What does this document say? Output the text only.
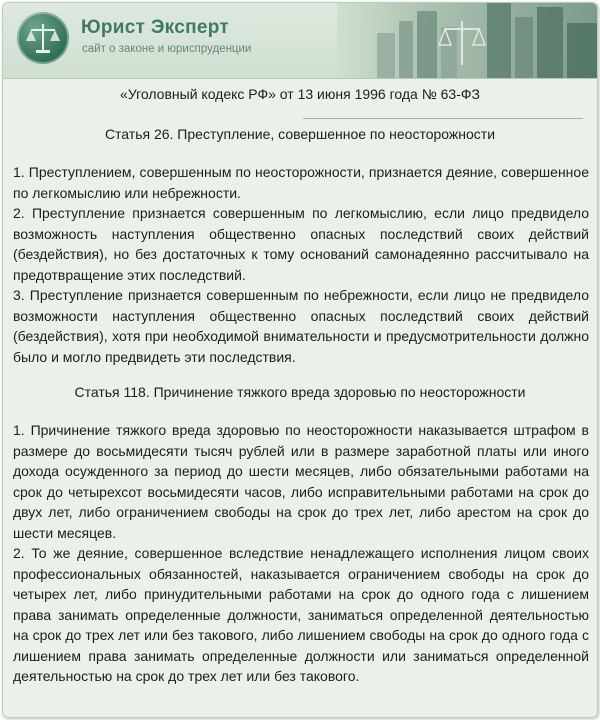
Юрист Эксперт
сайт о законе и юриспруденции
«Уголовный кодекс РФ» от 13 июня 1996 года № 63-ФЗ
Статья 26. Преступление, совершенное по неосторожности

1. Преступлением, совершенным по неосторожности, признается деяние, совершенное по легкомыслию или небрежности.

2. Преступление признается совершенным по легкомыслию, если лицо предвидело возможность наступления общественно опасных последствий своих действий (бездействия), но без достаточных к тому оснований самонадеянно рассчитывало на предотвращение этих последствий.

3. Преступление признается совершенным по небрежности, если лицо не предвидело возможности наступления общественно опасных последствий своих действий (бездействия), хотя при необходимой внимательности и предусмотрительности должно было и могло предвидеть эти последствия.

Статья 118. Причинение тяжкого вреда здоровью по неосторожности

1. Причинение тяжкого вреда здоровью по неосторожности наказывается штрафом в размере до восьмидесяти тысяч рублей или в размере заработной платы или иного дохода осужденного за период до шести месяцев, либо обязательными работами на срок до четырехсот восьмидесяти часов, либо исправительными работами на срок до двух лет, либо ограничением свободы на срок до трех лет, либо арестом на срок до шести месяцев.

2. То же деяние, совершенное вследствие ненадлежащего исполнения лицом своих профессиональных обязанностей, наказывается ограничением свободы на срок до четырех лет, либо принудительными работами на срок до одного года с лишением права занимать определенные должности, заниматься определенной деятельностью на срок до трех лет или без такового, либо лишением свободы на срок до одного года с лишением права занимать определенные должности или заниматься определенной деятельностью на срок до трех лет или без такового.
